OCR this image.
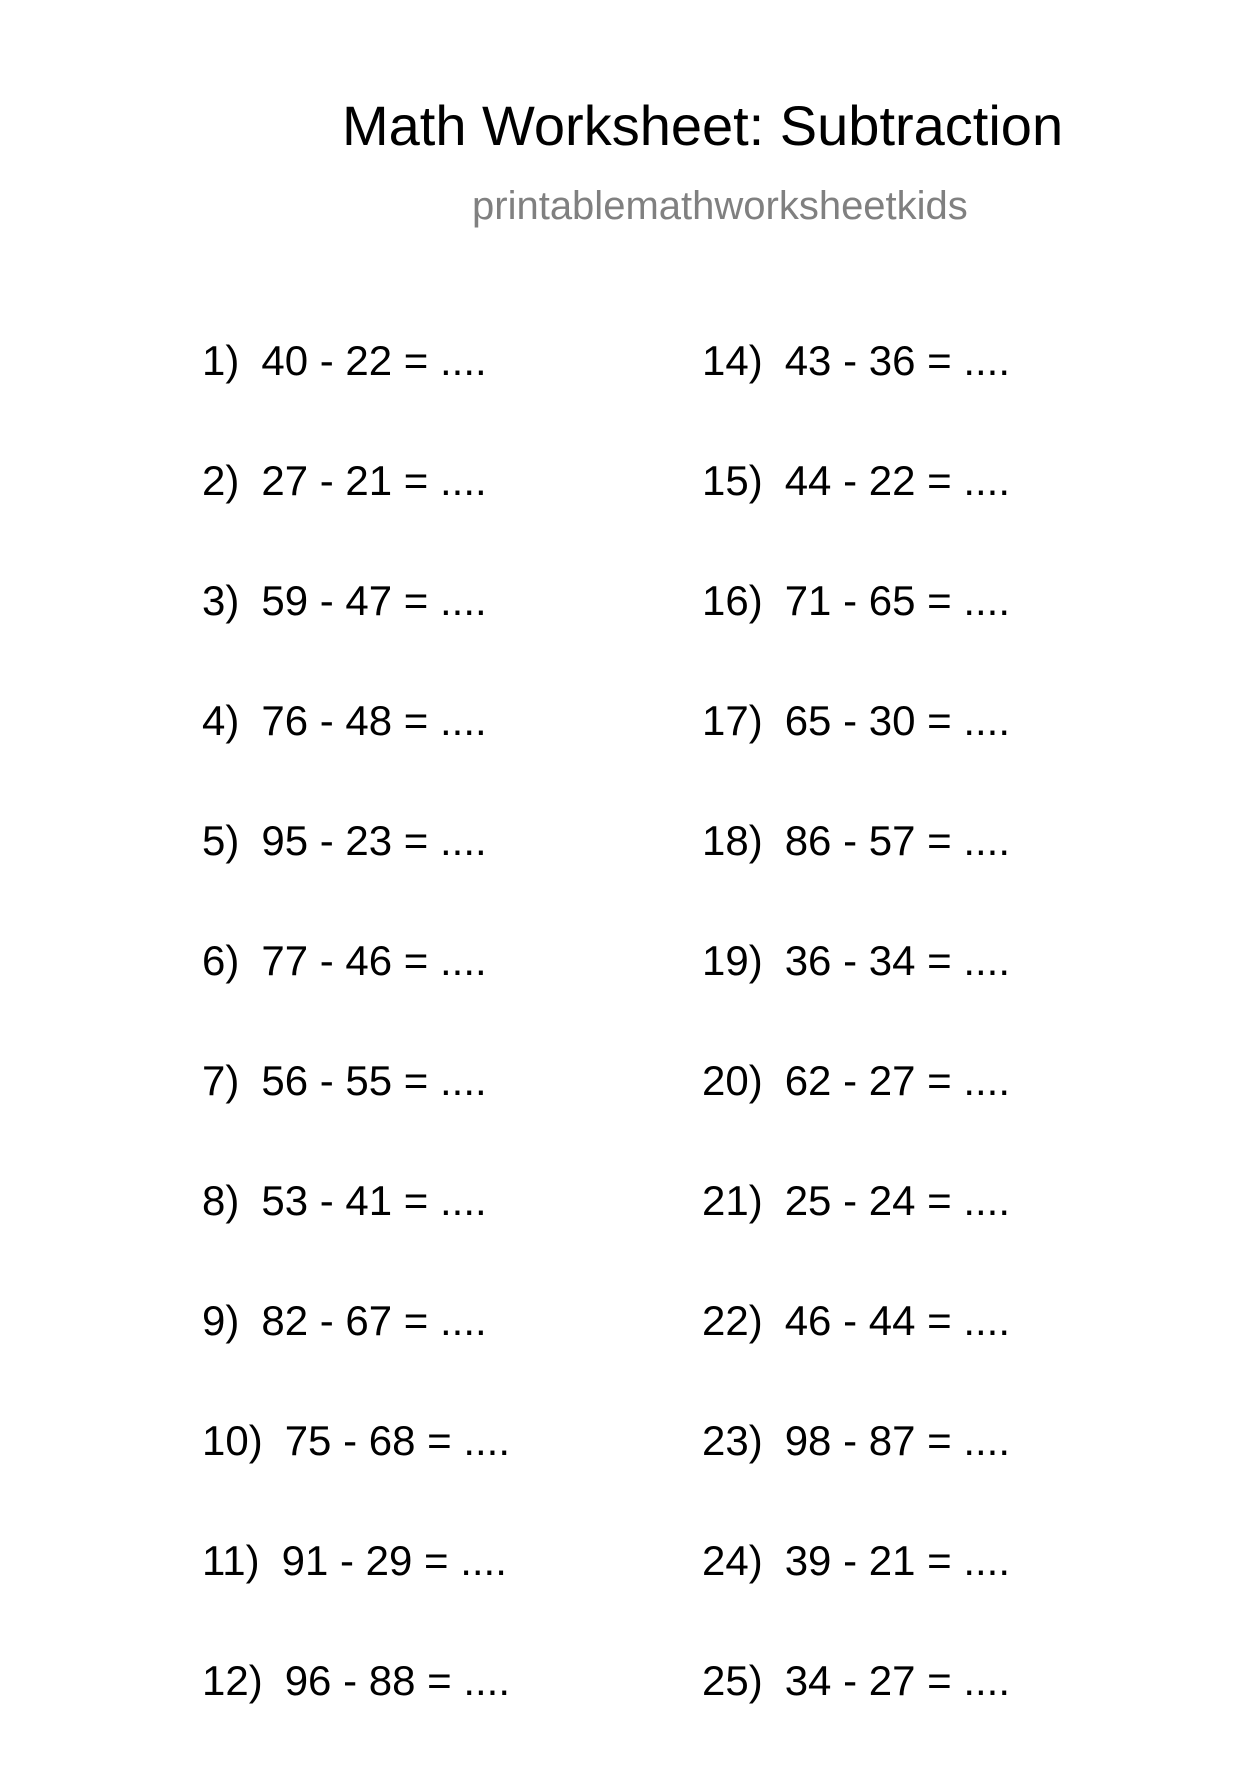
Math Worksheet: Subtraction
printablemathworksheetkids
1) 40 - 22 = ....
2) 27 - 21 = ....
3) 59 - 47 = ....
4) 76 - 48 = ....
5) 95 - 23 = ....
6) 77 - 46 = ....
7) 56 - 55 = ....
8) 53 - 41 = ....
9) 82 - 67 = ....
10) 75 - 68 = ....
11) 91 - 29 = ....
12) 96 - 88 = ....
14) 43 - 36 = ....
15) 44 - 22 = ....
16) 71 - 65 = ....
17) 65 - 30 = ....
18) 86 - 57 = ....
19) 36 - 34 = ....
20) 62 - 27 = ....
21) 25 - 24 = ....
22) 46 - 44 = ....
23) 98 - 87 = ....
24) 39 - 21 = ....
25) 34 - 27 = ....
